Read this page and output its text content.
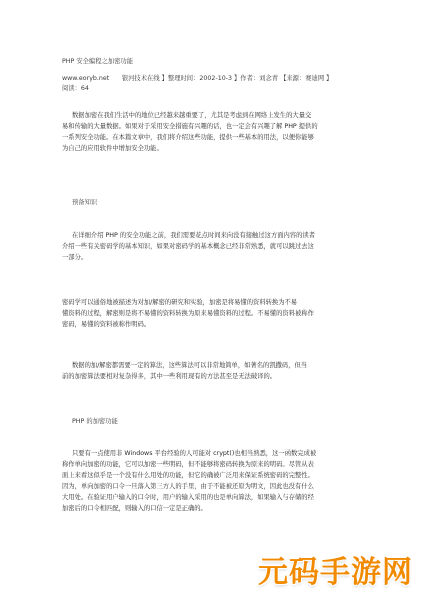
PHP 安全编程之加密功能
www.eoryb.net　　银河技术在线 】整理时间：2002-10-3 】作者：刘念青 【来源：赛迪网 】
阅读：64
数据加密在我们生活中的地位已经越来越重要了，尤其是考虑到在网络上发生的大量交
易和传输的大量数据。如果对于采用安全措施有兴趣的话，也一定会有兴趣了解 PHP 提供的
一系列安全功能。在本篇文章中，我们将介绍这些功能，提供一些基本的用法，以便你能够
为自己的应用软件中增加安全功能。
预备知识
在详细介绍 PHP 的安全功能之前，我们需要花点时间来向没有接触过这方面内容的读者
介绍一些有关密码学的基本知识，如果对密码学的基本概念已经非常熟悉，就可以跳过去这
一部分。
密码学可以通俗地被描述为对加/解密的研究和实验，加密是将易懂的资料转换为不易
懂资料的过程，解密则是将不易懂的资料转换为原来易懂资料的过程。不易懂的资料被称作
密码，易懂的资料被称作明码。
数据的加/解密都需要一定的算法，这些算法可以非常地简单，如著名的凯撒码，但当
前的加密算法要相对复杂得多，其中一些利用现有的方法甚至是无法破译的。
PHP 的加密功能
只要有一点使用非 Windows 平台经验的人可能对 crypt()也相当熟悉，这一函数完成被
称作单向加密的功能，它可以加密一些明码，但不能够将密码转换为原来的明码。尽管从表
面上来看这似乎是一个没有什么用处的功能，但它的确被广泛用来保证系统密码的完整性。
因为，单向加密的口令一旦落入第三方人的手里，由于不能被还原为明文，因此也没有什么
大用处。在验证用户输入的口令时，用户的输入采用的也是单向算法，如果输入与存储的经
加密后的口令相匹配，则输入的口信一定是正确的。
元码手游网
